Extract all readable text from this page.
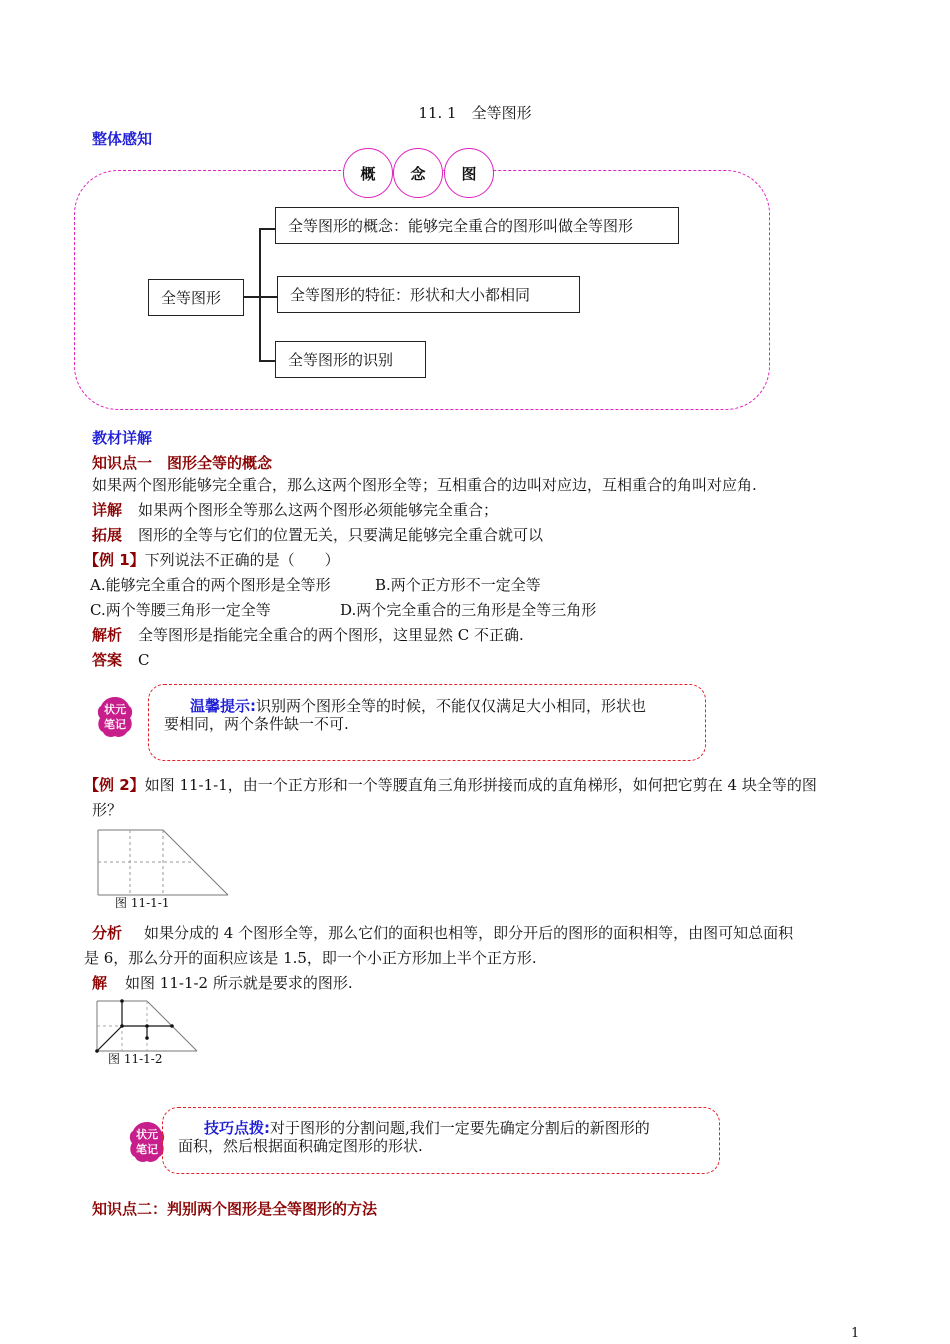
11. 1　全等图形
整体感知
概	念	图
全等图形
全等图形的概念：能够完全重合的图形叫做全等图形
全等图形的特征：形状和大小都相同
全等图形的识别
教材详解
知识点一　图形全等的概念
如果两个图形能够完全重合，那么这两个图形全等；互相重合的边叫对应边，互相重合的角叫对应角.
详解 如果两个图形全等那么这两个图形必须能够完全重合；
拓展 图形的全等与它们的位置无关，只要满足能够完全重合就可以
【例 1】下列说法不正确的是（　　）
A.能够完全重合的两个图形是全等形	B.两个正方形不一定全等
C.两个等腰三角形一定全等	D.两个完全重合的三角形是全等三角形
解析 全等图形是指能完全重合的两个图形，这里显然 C 不正确.
答案 C
状元
笔记
温馨提示:识别两个图形全等的时候，不能仅仅满足大小相同，形状也
要相同，两个条件缺一不可.
【例 2】如图 11-1-1，由一个正方形和一个等腰直角三角形拼接而成的直角梯形，如何把它剪在 4 块全等的图
形？
图 11-1-1
分析 如果分成的 4 个图形全等，那么它们的面积也相等，即分开后的图形的面积相等，由图可知总面积
是 6，那么分开的面积应该是 1.5，即一个小正方形加上半个正方形.
解 如图 11-1-2 所示就是要求的图形.
图 11-1-2
状元
笔记
技巧点拨:对于图形的分割问题,我们一定要先确定分割后的新图形的
面积，然后根据面积确定图形的形状.
知识点二：判别两个图形是全等图形的方法
1
